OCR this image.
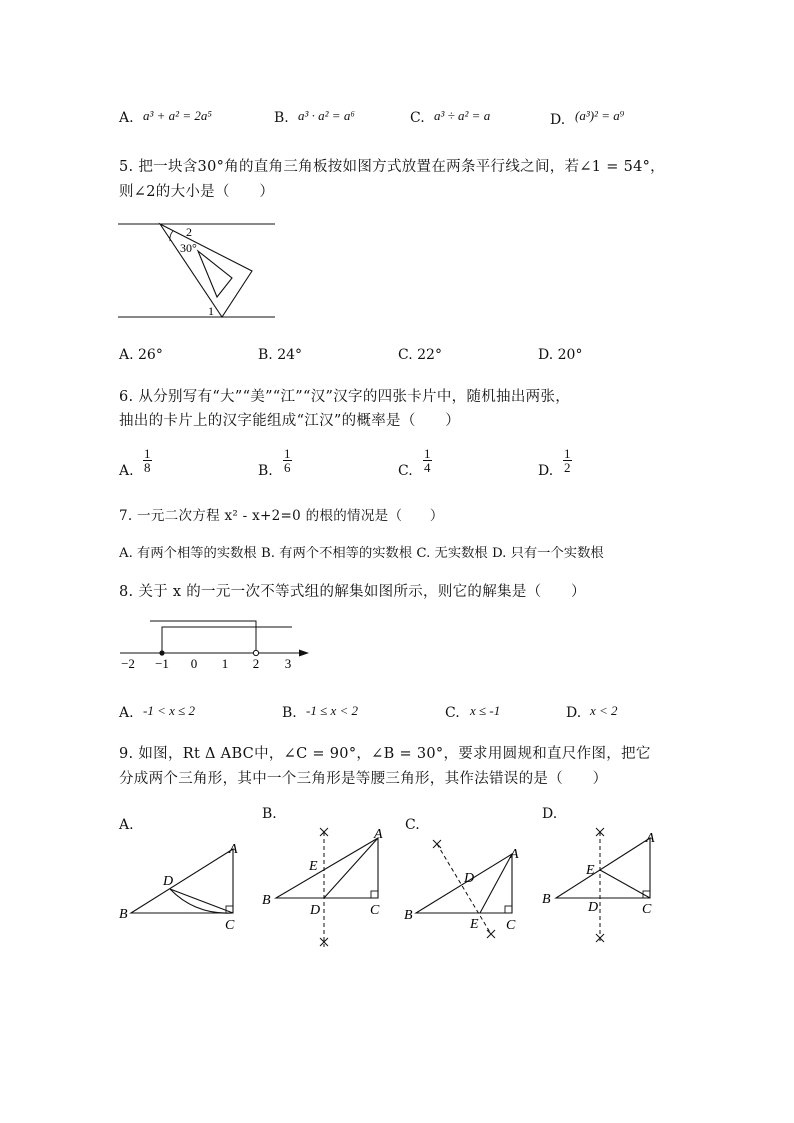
A. a³ + a² = 2a⁵	B. a³ · a² = a⁶	C. a³ ÷ a² = a	D. (a³)² = a⁹
5. 把一块含30°角的直角三角板按如图方式放置在两条平行线之间，若∠1 = 54°，
则∠2的大小是（　　）
2
30°
1
A. 26°	B. 24°	C. 22°	D. 20°
6. 从分别写有“大”“美”“江”“汉”汉字的四张卡片中，随机抽出两张，
抽出的卡片上的汉字能组成“江汉”的概率是（　　）
A. $\frac{1}{8}$	B. $\frac{1}{6}$	C. $\frac{1}{4}$	D. $\frac{1}{2}$
7. 一元二次方程 x² - x+2=0 的根的情况是（　　）
A. 有两个相等的实数根 B. 有两个不相等的实数根 C. 无实数根 D. 只有一个实数根
8. 关于 x 的一元一次不等式组的解集如图所示，则它的解集是（　　）
−2 −1 0 1 2 3
A. -1 < x ≤ 2	B. -1 ≤ x < 2	C. x ≤ -1	D. x < 2
9. 如图，Rt Δ ABC中，∠C = 90°，∠B = 30°，要求用圆规和直尺作图，把它
分成两个三角形，其中一个三角形是等腰三角形，其作法错误的是（　　）
A.
A
B
C
D
B.
A
B
C
D
E
C.
A
B
C
D
E
D.
A
B
C
D
E
